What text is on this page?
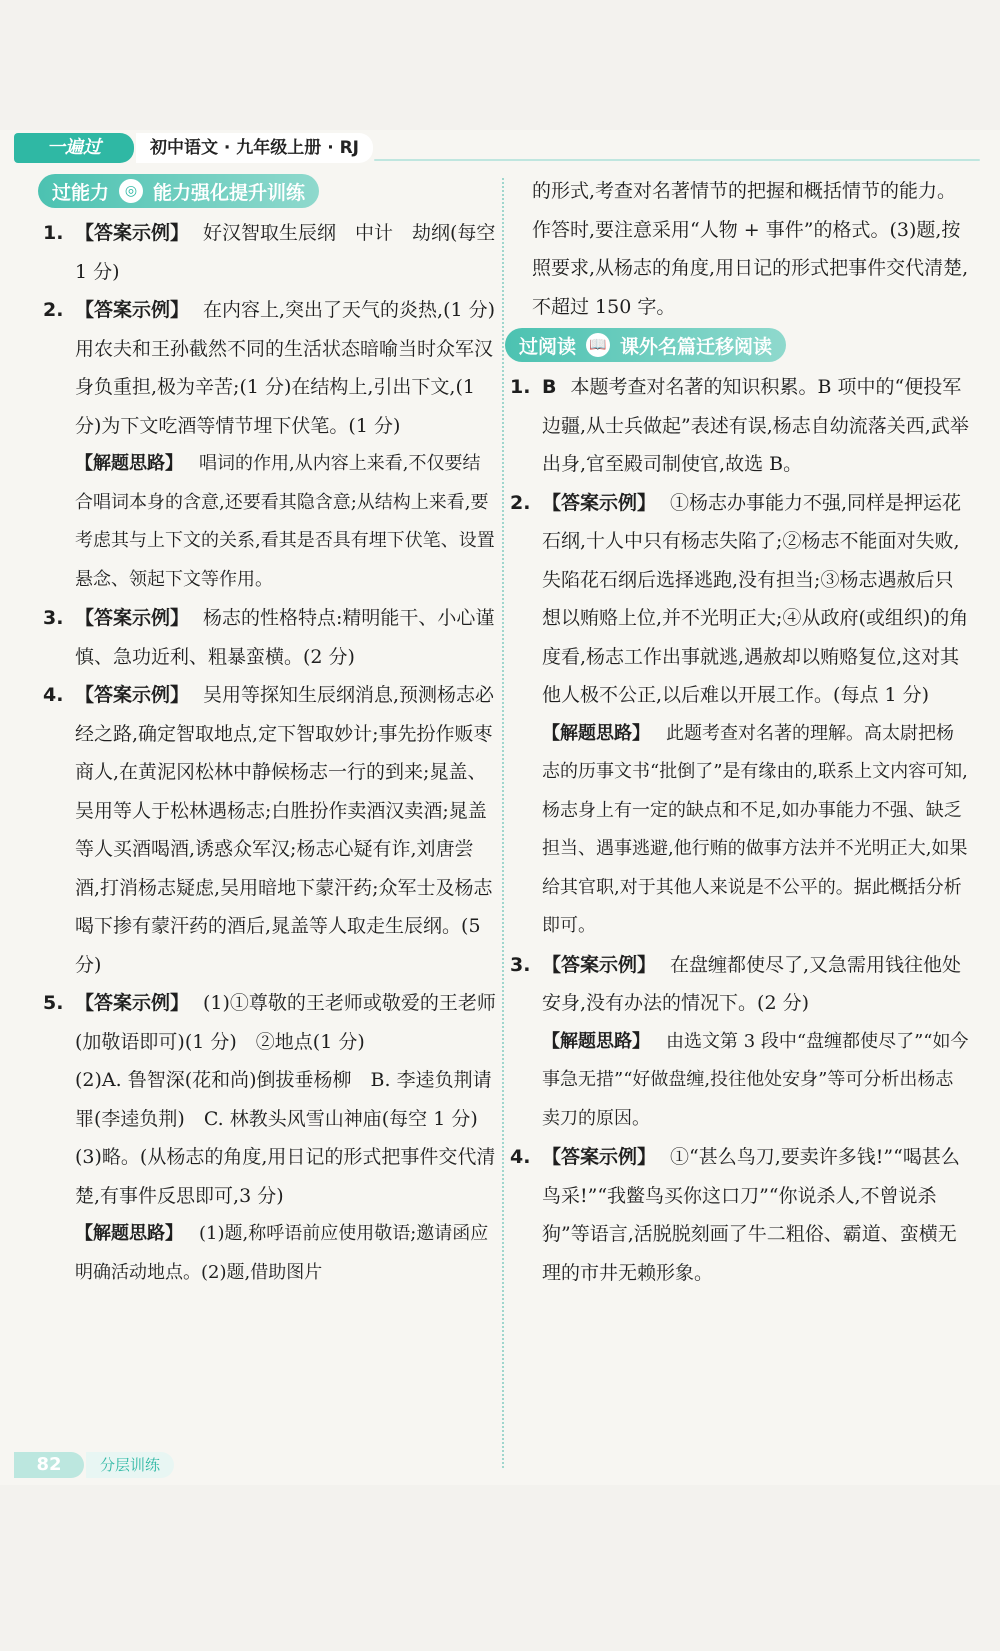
一遍过	初中语文 · 九年级上册 · RJ
过能力	◎ 能力强化提升训练

1. 【答案示例】 好汉智取生辰纲　中计　劫纲(每空 1 分)

2. 【答案示例】 在内容上,突出了天气的炎热,(1 分)用农夫和王孙截然不同的生活状态暗喻当时众军汉身负重担,极为辛苦;(1 分)在结构上,引出下文,(1 分)为下文吃酒等情节埋下伏笔。(1 分)

【解题思路】 唱词的作用,从内容上来看,不仅要结合唱词本身的含意,还要看其隐含意;从结构上来看,要考虑其与上下文的关系,看其是否具有埋下伏笔、设置悬念、领起下文等作用。

3. 【答案示例】 杨志的性格特点:精明能干、小心谨慎、急功近利、粗暴蛮横。(2 分)

4. 【答案示例】 吴用等探知生辰纲消息,预测杨志必经之路,确定智取地点,定下智取妙计;事先扮作贩枣商人,在黄泥冈松林中静候杨志一行的到来;晁盖、吴用等人于松林遇杨志;白胜扮作卖酒汉卖酒;晁盖等人买酒喝酒,诱惑众军汉;杨志心疑有诈,刘唐尝酒,打消杨志疑虑,吴用暗地下蒙汗药;众军士及杨志喝下掺有蒙汗药的酒后,晁盖等人取走生辰纲。(5 分)

5. 【答案示例】 (1)①尊敬的王老师或敬爱的王老师 (加敬语即可)(1 分)　②地点(1 分)

(2)A. 鲁智深(花和尚)倒拔垂杨柳　B. 李逵负荆请罪(李逵负荆)　C. 林教头风雪山神庙(每空 1 分)

(3)略。(从杨志的角度,用日记的形式把事件交代清楚,有事件反思即可,3 分)

【解题思路】 (1)题,称呼语前应使用敬语;邀请函应明确活动地点。(2)题,借助图片

的形式,考查对名著情节的把握和概括情节的能力。作答时,要注意采用“人物 + 事件”的格式。(3)题,按照要求,从杨志的角度,用日记的形式把事件交代清楚,不超过 150 字。

过阅读 📖 课外名篇迁移阅读

1. B 本题考查对名著的知识积累。B 项中的“便投军边疆,从士兵做起”表述有误,杨志自幼流落关西,武举出身,官至殿司制使官,故选 B。

2. 【答案示例】 ①杨志办事能力不强,同样是押运花石纲,十人中只有杨志失陷了;②杨志不能面对失败,失陷花石纲后选择逃跑,没有担当;③杨志遇赦后只想以贿赂上位,并不光明正大;④从政府(或组织)的角度看,杨志工作出事就逃,遇赦却以贿赂复位,这对其他人极不公正,以后难以开展工作。(每点 1 分)

【解题思路】 此题考查对名著的理解。高太尉把杨志的历事文书“批倒了”是有缘由的,联系上文内容可知,杨志身上有一定的缺点和不足,如办事能力不强、缺乏担当、遇事逃避,他行贿的做事方法并不光明正大,如果给其官职,对于其他人来说是不公平的。据此概括分析即可。

3. 【答案示例】 在盘缠都使尽了,又急需用钱往他处安身,没有办法的情况下。(2 分)

【解题思路】 由选文第 3 段中“盘缠都使尽了”“如今事急无措”“好做盘缠,投往他处安身”等可分析出杨志卖刀的原因。

4. 【答案示例】 ①“甚么鸟刀,要卖许多钱!”“喝甚么鸟采!”“我鳖鸟买你这口刀”“你说杀人,不曾说杀狗”等语言,活脱脱刻画了牛二粗俗、霸道、蛮横无理的市井无赖形象。

82	分层训练
